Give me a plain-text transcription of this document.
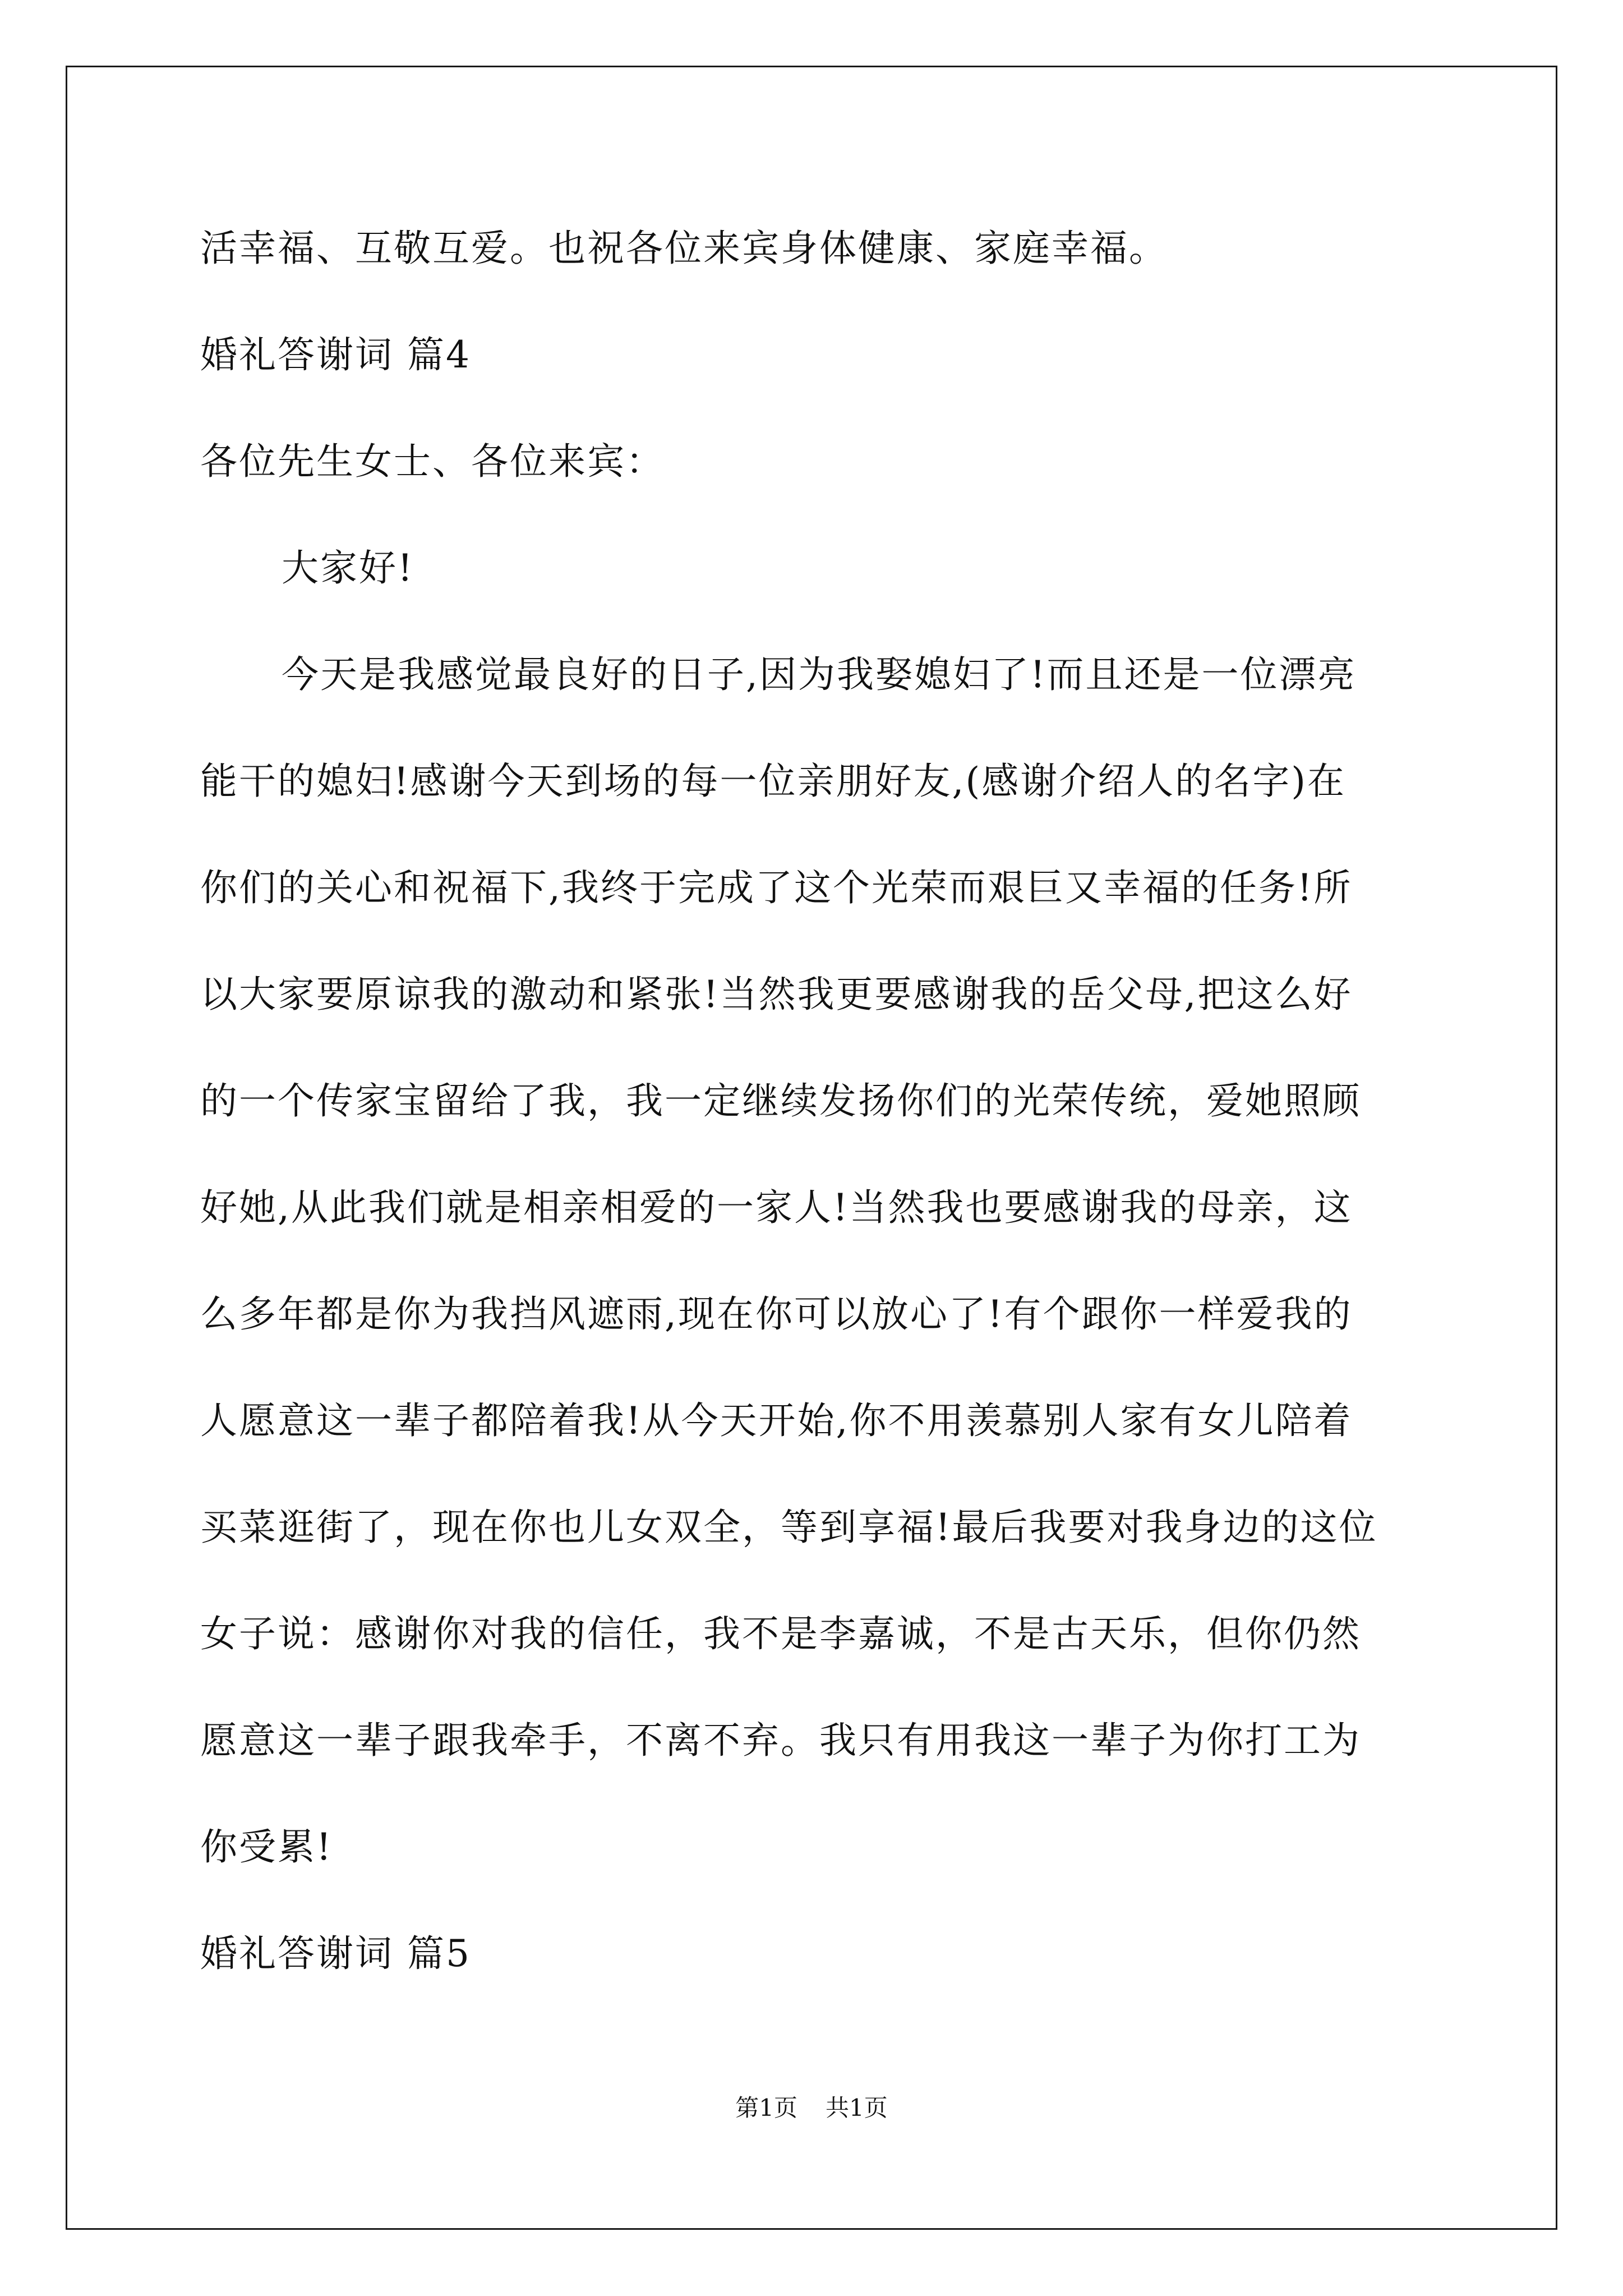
活幸福、互敬互爱。也祝各位来宾身体健康、家庭幸福。
婚礼答谢词 篇4
各位先生女士、各位来宾：
大家好!
今天是我感觉最良好的日子,因为我娶媳妇了!而且还是一位漂亮
能干的媳妇!感谢今天到场的每一位亲朋好友,(感谢介绍人的名字)在
你们的关心和祝福下,我终于完成了这个光荣而艰巨又幸福的任务!所
以大家要原谅我的激动和紧张!当然我更要感谢我的岳父母,把这么好
的一个传家宝留给了我，我一定继续发扬你们的光荣传统，爱她照顾
好她,从此我们就是相亲相爱的一家人!当然我也要感谢我的母亲，这
么多年都是你为我挡风遮雨,现在你可以放心了!有个跟你一样爱我的
人愿意这一辈子都陪着我!从今天开始,你不用羡慕别人家有女儿陪着
买菜逛街了，现在你也儿女双全，等到享福!最后我要对我身边的这位
女子说：感谢你对我的信任，我不是李嘉诚，不是古天乐，但你仍然
愿意这一辈子跟我牵手，不离不弃。我只有用我这一辈子为你打工为
你受累!
婚礼答谢词 篇5
第1页 共1页
